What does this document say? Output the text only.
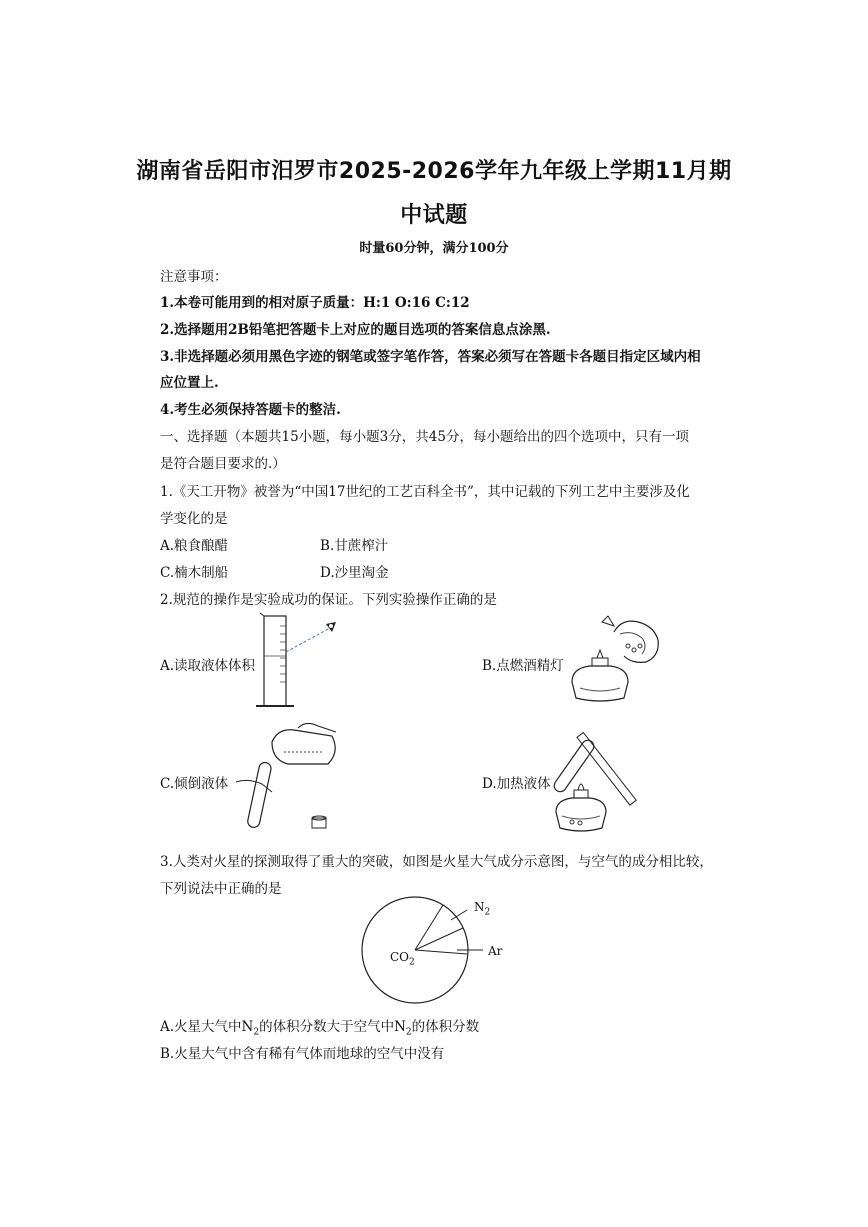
湖南省岳阳市汨罗市2025-2026学年九年级上学期11月期
中试题
时量60分钟，满分100分
注意事项：
1.本卷可能用到的相对原子质量：H:1 O:16 C:12
2.选择题用2B铅笔把答题卡上对应的题目选项的答案信息点涂黑.
3.非选择题必须用黑色字迹的钢笔或签字笔作答，答案必须写在答题卡各题目指定区域内相
应位置上.
4.考生必须保持答题卡的整洁.
一、选择题（本题共15小题，每小题3分，共45分，每小题给出的四个选项中，只有一项
是符合题目要求的.）
1.《天工开物》被誉为“中国17世纪的工艺百科全书”，其中记载的下列工艺中主要涉及化
学变化的是
A.粮食酿醋	B.甘蔗榨汁
C.楠木制船	D.沙里淘金
2.规范的操作是实验成功的保证。下列实验操作正确的是
A.读取液体体积	B.点燃酒精灯
C.倾倒液体	D.加热液体
3.人类对火星的探测取得了重大的突破，如图是火星大气成分示意图，与空气的成分相比较，
下列说法中正确的是
$N_2$
Ar
$CO_2$
A.火星大气中$N_2$的体积分数大于空气中$N_2$的体积分数
B.火星大气中含有稀有气体而地球的空气中没有
